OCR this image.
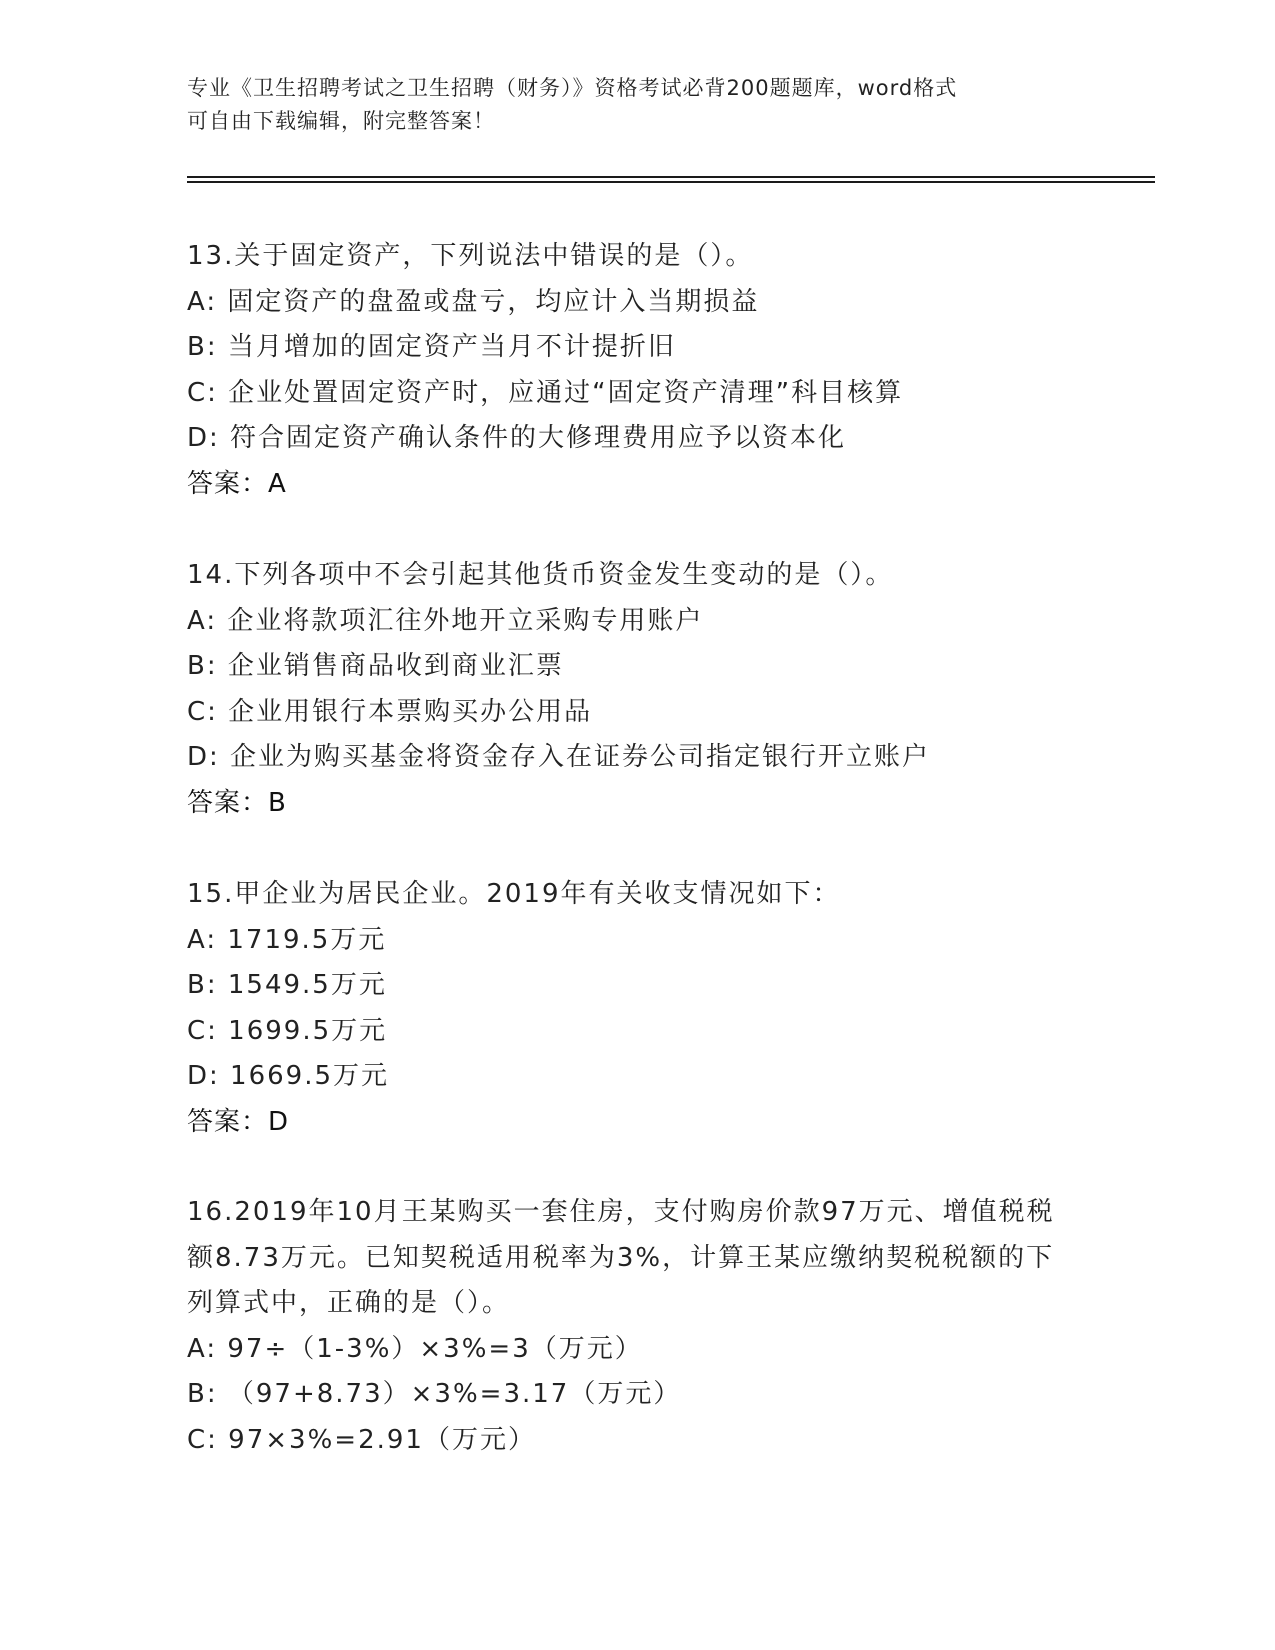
专业《卫生招聘考试之卫生招聘（财务）》资格考试必背200题题库，word格式
可自由下载编辑，附完整答案！
13.关于固定资产，下列说法中错误的是（）。
A: 固定资产的盘盈或盘亏，均应计入当期损益
B: 当月增加的固定资产当月不计提折旧
C: 企业处置固定资产时，应通过“固定资产清理”科目核算
D: 符合固定资产确认条件的大修理费用应予以资本化
答案：A
14.下列各项中不会引起其他货币资金发生变动的是（）。
A: 企业将款项汇往外地开立采购专用账户
B: 企业销售商品收到商业汇票
C: 企业用银行本票购买办公用品
D: 企业为购买基金将资金存入在证券公司指定银行开立账户
答案：B
15.甲企业为居民企业。2019年有关收支情况如下：
A: 1719.5万元
B: 1549.5万元
C: 1699.5万元
D: 1669.5万元
答案：D
16.2019年10月王某购买一套住房，支付购房价款97万元、增值税税
额8.73万元。已知契税适用税率为3%，计算王某应缴纳契税税额的下
列算式中，正确的是（）。
A: 97÷（1-3%）×3%=3（万元）
B: （97+8.73）×3%=3.17（万元）
C: 97×3%=2.91（万元）
